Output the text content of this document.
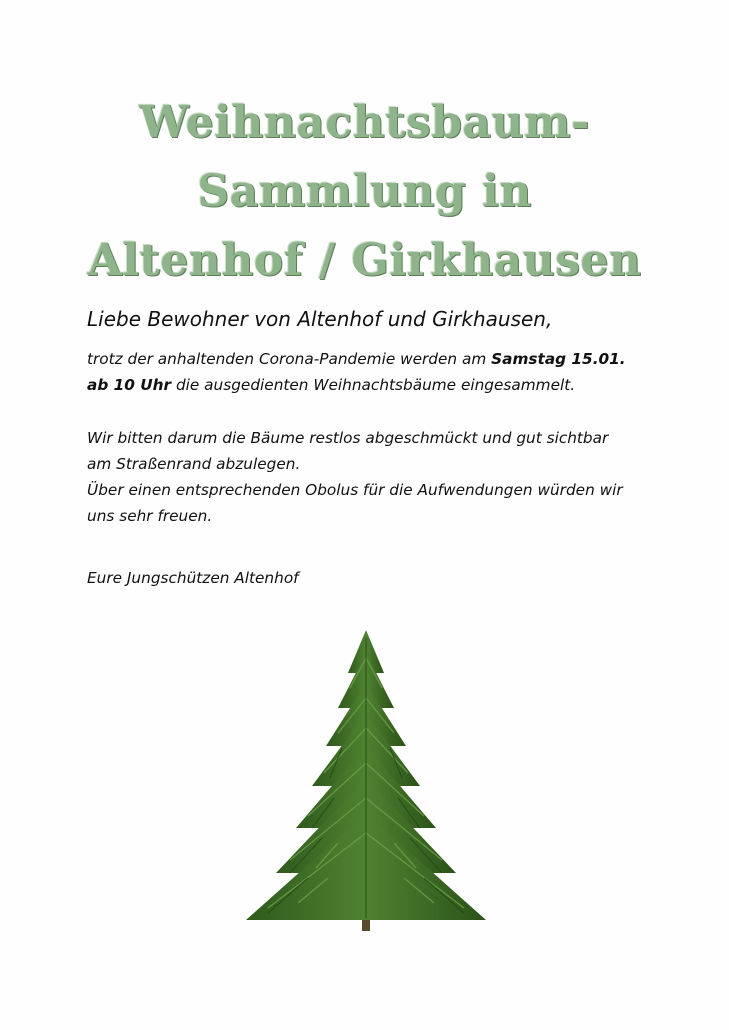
Weihnachtsbaum-
Sammlung in
Altenhof / Girkhausen
Liebe Bewohner von Altenhof und Girkhausen,
trotz der anhaltenden Corona-Pandemie werden am Samstag 15.01.
ab 10 Uhr die ausgedienten Weihnachtsbäume eingesammelt.
Wir bitten darum die Bäume restlos abgeschmückt und gut sichtbar
am Straßenrand abzulegen.
Über einen entsprechenden Obolus für die Aufwendungen würden wir
uns sehr freuen.
Eure Jungschützen Altenhof
